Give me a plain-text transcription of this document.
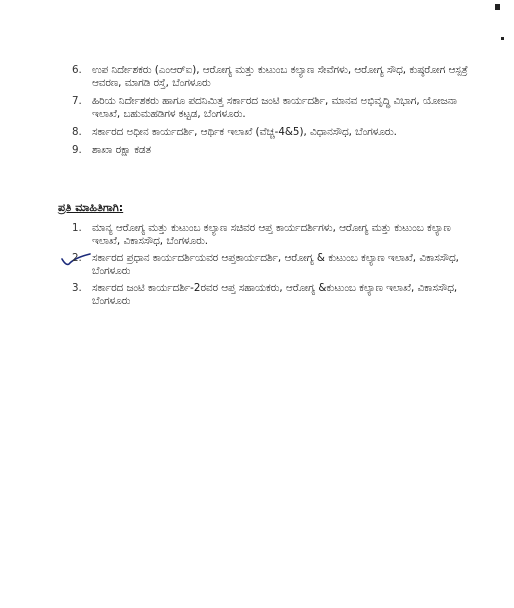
6. ಉಪ ನಿರ್ದೇಶಕರು (ಎಂಆರ್‌ಐ), ಆರೋಗ್ಯ ಮತ್ತು ಕುಟುಂಬ ಕಲ್ಯಾಣ ಸೇವೆಗಳು, ಆರೋಗ್ಯ ಸೌಧ, ಕುಷ್ಠರೋಗ ಆಸ್ಪತ್ರೆ ಆವರಣ, ಮಾಗಡಿ ರಸ್ತೆ, ಬೆಂಗಳೂರು
7. ಹಿರಿಯ ನಿರ್ದೇಶಕರು ಹಾಗೂ ಪದನಿಮಿತ್ತ ಸರ್ಕಾರದ ಜಂಟಿ ಕಾರ್ಯದರ್ಶಿ, ಮಾನವ ಅಭಿವೃದ್ಧಿ ವಿಭಾಗ, ಯೋಜನಾ ಇಲಾಖೆ, ಬಹುಮಹಡಿಗಳ ಕಟ್ಟಡ, ಬೆಂಗಳೂರು.
8. ಸರ್ಕಾರದ ಅಧೀನ ಕಾರ್ಯದರ್ಶಿ, ಆರ್ಥಿಕ ಇಲಾಖೆ (ವೆಚ್ಚ-4&5), ವಿಧಾನಸೌಧ, ಬೆಂಗಳೂರು.
9. ಶಾಖಾ ರಕ್ಷಾ ಕಡತ
ಪ್ರತಿ ಮಾಹಿತಿಗಾಗಿ:
1. ಮಾನ್ಯ ಆರೋಗ್ಯ ಮತ್ತು ಕುಟುಂಬ ಕಲ್ಯಾಣ ಸಚಿವರ ಆಪ್ತ ಕಾರ್ಯದರ್ಶಿಗಳು, ಆರೋಗ್ಯ ಮತ್ತು ಕುಟುಂಬ ಕಲ್ಯಾಣ ಇಲಾಖೆ, ವಿಕಾಸಸೌಧ, ಬೆಂಗಳೂರು.
2. ಸರ್ಕಾರದ ಪ್ರಧಾನ ಕಾರ್ಯದರ್ಶಿಯವರ ಆಪ್ತಕಾರ್ಯದರ್ಶಿ, ಆರೋಗ್ಯ & ಕುಟುಂಬ ಕಲ್ಯಾಣ ಇಲಾಖೆ, ವಿಕಾಸಸೌಧ, ಬೆಂಗಳೂರು
3. ಸರ್ಕಾರದ ಜಂಟಿ ಕಾರ್ಯದರ್ಶಿ-2ರವರ ಆಪ್ತ ಸಹಾಯಕರು, ಆರೋಗ್ಯ &ಕುಟುಂಬ ಕಲ್ಯಾಣ ಇಲಾಖೆ, ವಿಕಾಸಸೌಧ, ಬೆಂಗಳೂರು
